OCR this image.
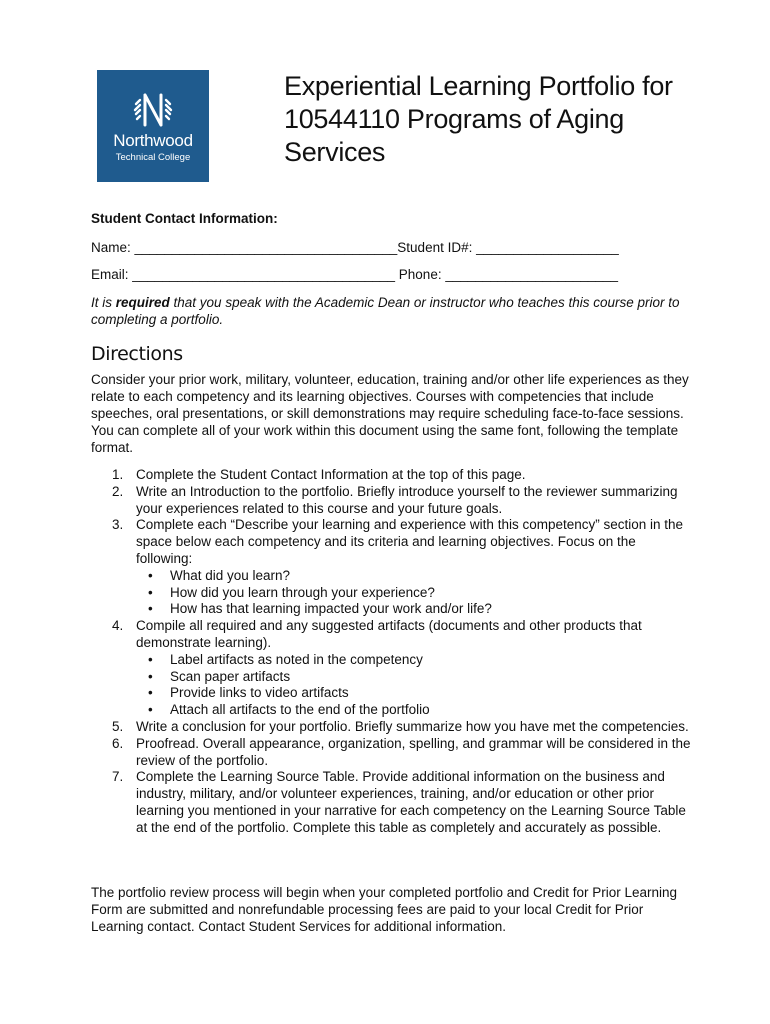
Northwood
Technical College
Experiential Learning Portfolio for 10544110 Programs of Aging Services

Student Contact Information:

Name: ___________________________________Student ID#: ___________________

Email: ___________________________________ Phone: _______________________

It is required that you speak with the Academic Dean or instructor who teaches this course prior to completing a portfolio.

Directions

Consider your prior work, military, volunteer, education, training and/or other life experiences as they relate to each competency and its learning objectives. Courses with competencies that include speeches, oral presentations, or skill demonstrations may require scheduling face-to-face sessions. You can complete all of your work within this document using the same font, following the template format.

1. Complete the Student Contact Information at the top of this page.
2. Write an Introduction to the portfolio. Briefly introduce yourself to the reviewer summarizing your experiences related to this course and your future goals.
3. Complete each “Describe your learning and experience with this competency” section in the space below each competency and its criteria and learning objectives. Focus on the following:
• What did you learn?
• How did you learn through your experience?
• How has that learning impacted your work and/or life?
4. Compile all required and any suggested artifacts (documents and other products that demonstrate learning).
• Label artifacts as noted in the competency
• Scan paper artifacts
• Provide links to video artifacts
• Attach all artifacts to the end of the portfolio
5. Write a conclusion for your portfolio. Briefly summarize how you have met the competencies.
6. Proofread. Overall appearance, organization, spelling, and grammar will be considered in the review of the portfolio.
7. Complete the Learning Source Table. Provide additional information on the business and industry, military, and/or volunteer experiences, training, and/or education or other prior learning you mentioned in your narrative for each competency on the Learning Source Table at the end of the portfolio. Complete this table as completely and accurately as possible.

The portfolio review process will begin when your completed portfolio and Credit for Prior Learning Form are submitted and nonrefundable processing fees are paid to your local Credit for Prior Learning contact. Contact Student Services for additional information.
